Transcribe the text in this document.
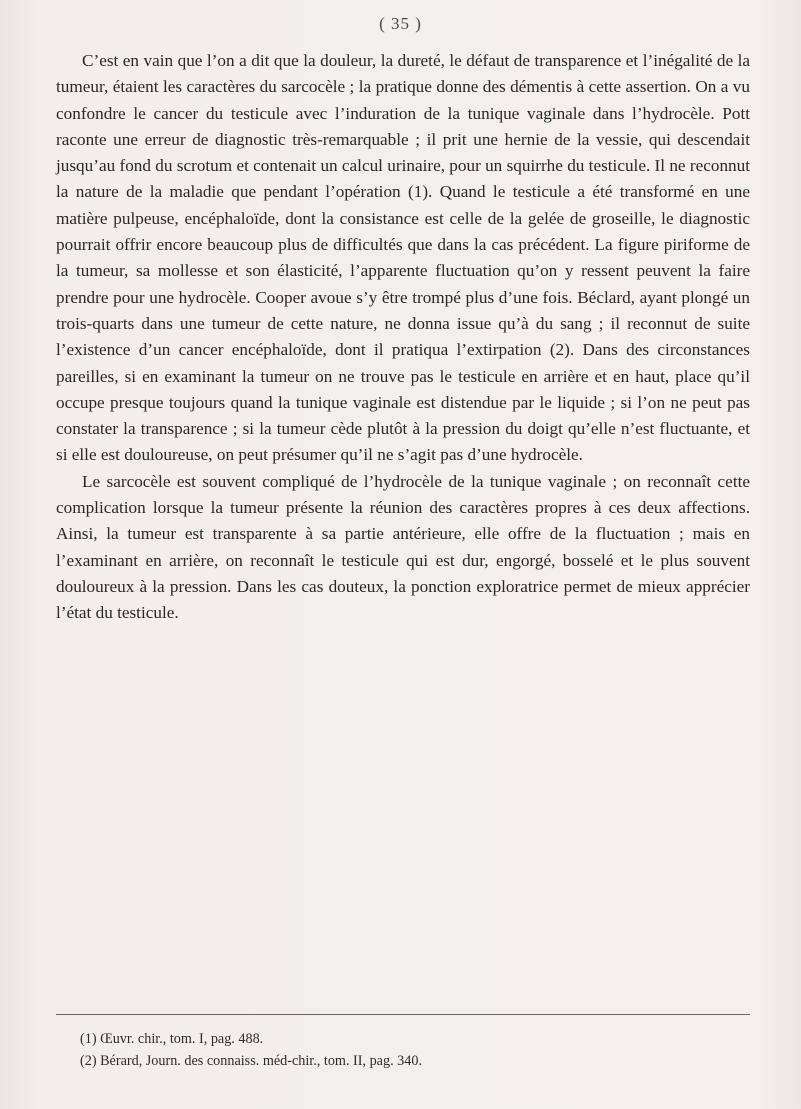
( 35 )

C’est en vain que l’on a dit que la douleur, la dureté, le défaut de transparence et l’inégalité de la tumeur, étaient les caractères du sarcocèle ; la pratique donne des démentis à cette assertion. On a vu confondre le cancer du testicule avec l’induration de la tunique vaginale dans l’hydrocèle. Pott raconte une erreur de diagnostic très-remarquable ; il prit une hernie de la vessie, qui descendait jusqu’au fond du scrotum et contenait un calcul urinaire, pour un squirrhe du testicule. Il ne reconnut la nature de la maladie que pendant l’opération (1). Quand le testicule a été transformé en une matière pulpeuse, encéphaloïde, dont la consistance est celle de la gelée de groseille, le diagnostic pourrait offrir encore beaucoup plus de difficultés que dans la cas précédent. La figure piriforme de la tumeur, sa mollesse et son élasticité, l’apparente fluctuation qu’on y ressent peuvent la faire prendre pour une hydrocèle. Cooper avoue s’y être trompé plus d’une fois. Béclard, ayant plongé un trois-quarts dans une tumeur de cette nature, ne donna issue qu’à du sang ; il reconnut de suite l’existence d’un cancer encéphaloïde, dont il pratiqua l’extirpation (2). Dans des circonstances pareilles, si en examinant la tumeur on ne trouve pas le testicule en arrière et en haut, place qu’il occupe presque toujours quand la tunique vaginale est distendue par le liquide ; si l’on ne peut pas constater la transparence ; si la tumeur cède plutôt à la pression du doigt qu’elle n’est fluctuante, et si elle est douloureuse, on peut présumer qu’il ne s’agit pas d’une hydrocèle.

Le sarcocèle est souvent compliqué de l’hydrocèle de la tunique vaginale ; on reconnaît cette complication lorsque la tumeur présente la réunion des caractères propres à ces deux affections. Ainsi, la tumeur est transparente à sa partie antérieure, elle offre de la fluctuation ; mais en l’examinant en arrière, on reconnaît le testicule qui est dur, engorgé, bosselé et le plus souvent douloureux à la pression. Dans les cas douteux, la ponction exploratrice permet de mieux apprécier l’état du testicule.

(1) Œuvr. chir., tom. I, pag. 488.
(2) Bérard, Journ. des connaiss. méd-chir., tom. II, pag. 340.
